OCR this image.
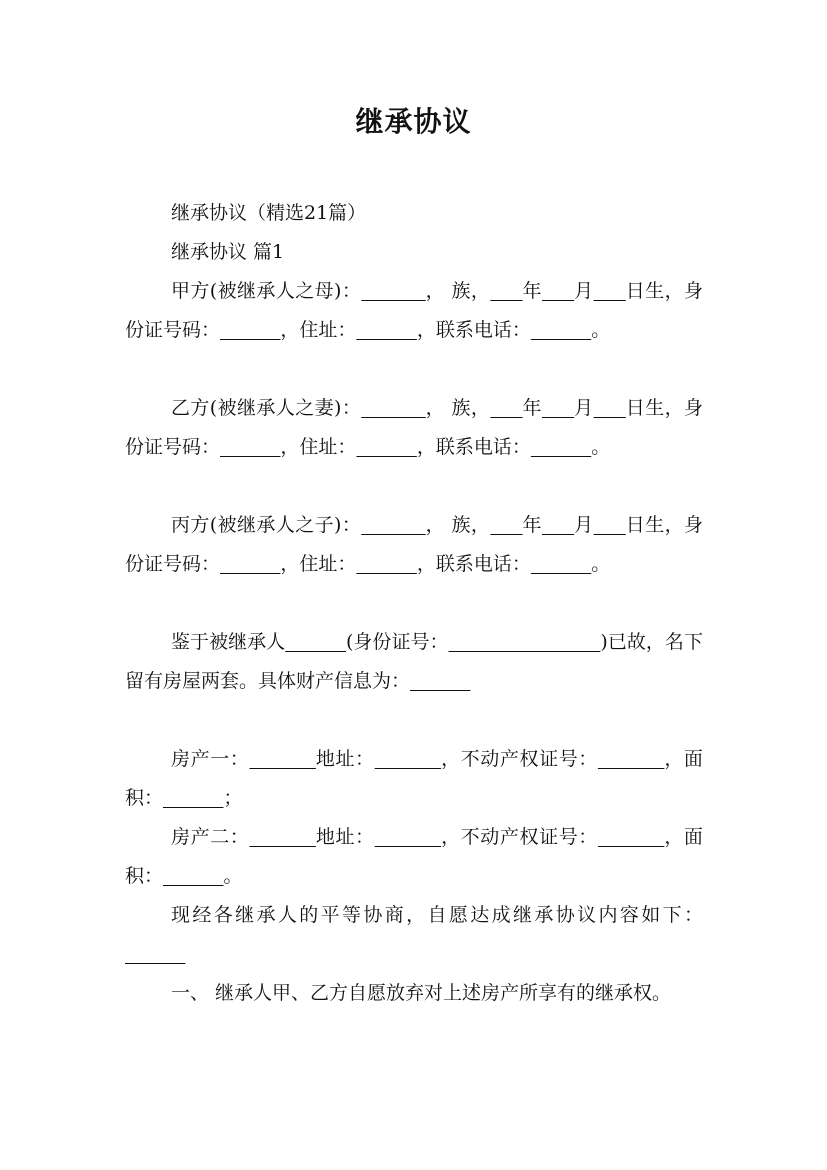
继承协议
继承协议（精选21篇）
继承协议 篇1
甲方(被继承人之母)：	， 族， 年 月 日生，身份证号码：	，住址：	，联系电话：	。
乙方(被继承人之妻)：	， 族， 年 月 日生，身份证号码：	，住址：	，联系电话：	。
丙方(被继承人之子)：	， 族， 年 月 日生，身份证号码：	，住址：	，联系电话：	。
鉴于被继承人	(身份证号：	)已故，名下留有房屋两套。具体财产信息为：
房产一：	地址：	，不动产权证号：	，面积：	；
房产二：	地址：	，不动产权证号：	，面积：	。
现经各继承人的平等协商，自愿达成继承协议内容如下：
一、 继承人甲、乙方自愿放弃对上述房产所享有的继承权。
